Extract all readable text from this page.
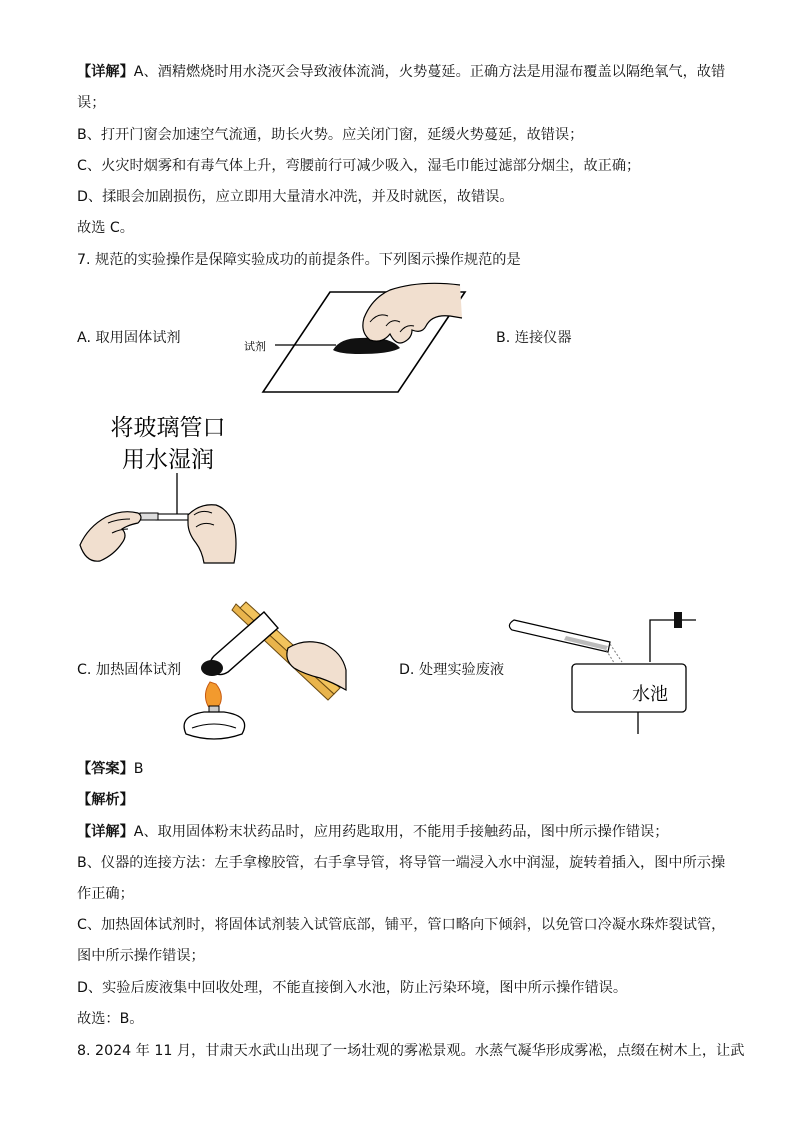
【详解】A、酒精燃烧时用水浇灭会导致液体流淌，火势蔓延。正确方法是用湿布覆盖以隔绝氧气，故错
误；
B、打开门窗会加速空气流通，助长火势。应关闭门窗，延缓火势蔓延，故错误；
C、火灾时烟雾和有毒气体上升，弯腰前行可减少吸入，湿毛巾能过滤部分烟尘，故正确；
D、揉眼会加剧损伤，应立即用大量清水冲洗，并及时就医，故错误。
故选 C。
7. 规范的实验操作是保障实验成功的前提条件。下列图示操作规范的是
A. 取用固体试剂
试剂
B. 连接仪器
将玻璃管口
用水湿润
C. 加热固体试剂	D. 处理实验废液
水池
【答案】B
【解析】
【详解】A、取用固体粉末状药品时，应用药匙取用，不能用手接触药品，图中所示操作错误；
B、仪器的连接方法：左手拿橡胶管，右手拿导管，将导管一端浸入水中润湿，旋转着插入，图中所示操
作正确；
C、加热固体试剂时，将固体试剂装入试管底部，铺平，管口略向下倾斜，以免管口冷凝水珠炸裂试管，
图中所示操作错误；
D、实验后废液集中回收处理，不能直接倒入水池，防止污染环境，图中所示操作错误。
故选：B。
8. 2024 年 11 月，甘肃天水武山出现了一场壮观的雾凇景观。水蒸气凝华形成雾凇，点缀在树木上，让武
